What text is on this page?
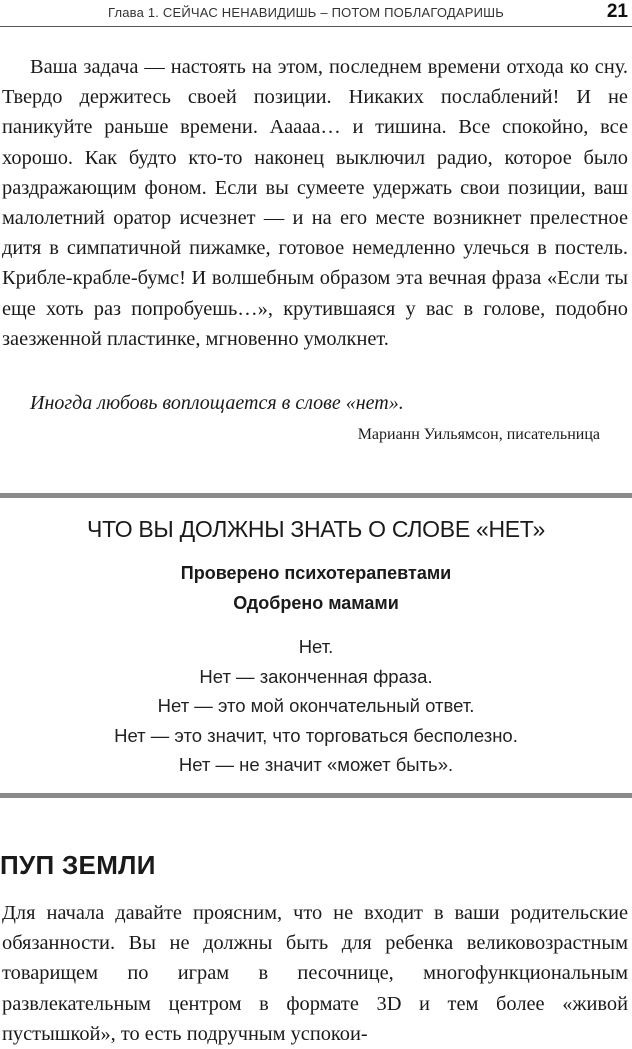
Глава 1. СЕЙЧАС НЕНАВИДИШЬ – ПОТОМ ПОБЛАГОДАРИШЬ	21

Ваша задача — настоять на этом, последнем времени отхода ко сну. Твердо держитесь своей позиции. Никаких послаблений! И не паникуйте раньше времени. Ааааа… и тишина. Все спокойно, все хорошо. Как будто кто-то наконец выключил радио, которое было раздражающим фоном. Если вы сумеете удержать свои позиции, ваш малолетний оратор исчезнет — и на его месте возникнет прелестное дитя в симпатичной пижамке, готовое немедленно улечься в постель. Крибле-крабле-бумс! И волшебным образом эта вечная фраза «Если ты еще хоть раз попробуешь…», крутившаяся у вас в голове, подобно заезженной пластинке, мгновенно умолкнет.

Иногда любовь воплощается в слове «нет».

Марианн Уильямсон, писательница

ЧТО ВЫ ДОЛЖНЫ ЗНАТЬ О СЛОВЕ «НЕТ»

Проверено психотерапевтами

Одобрено мамами

Нет.
Нет — законченная фраза.
Нет — это мой окончательный ответ.
Нет — это значит, что торговаться бесполезно.
Нет — не значит «может быть».
ПУП ЗЕМЛИ

Для начала давайте проясним, что не входит в ваши родительские обязанности. Вы не должны быть для ребенка великовозрастным товарищем по играм в песочнице, многофункциональным развлекательным центром в формате 3D и тем более «живой пустышкой», то есть подручным успокои-
